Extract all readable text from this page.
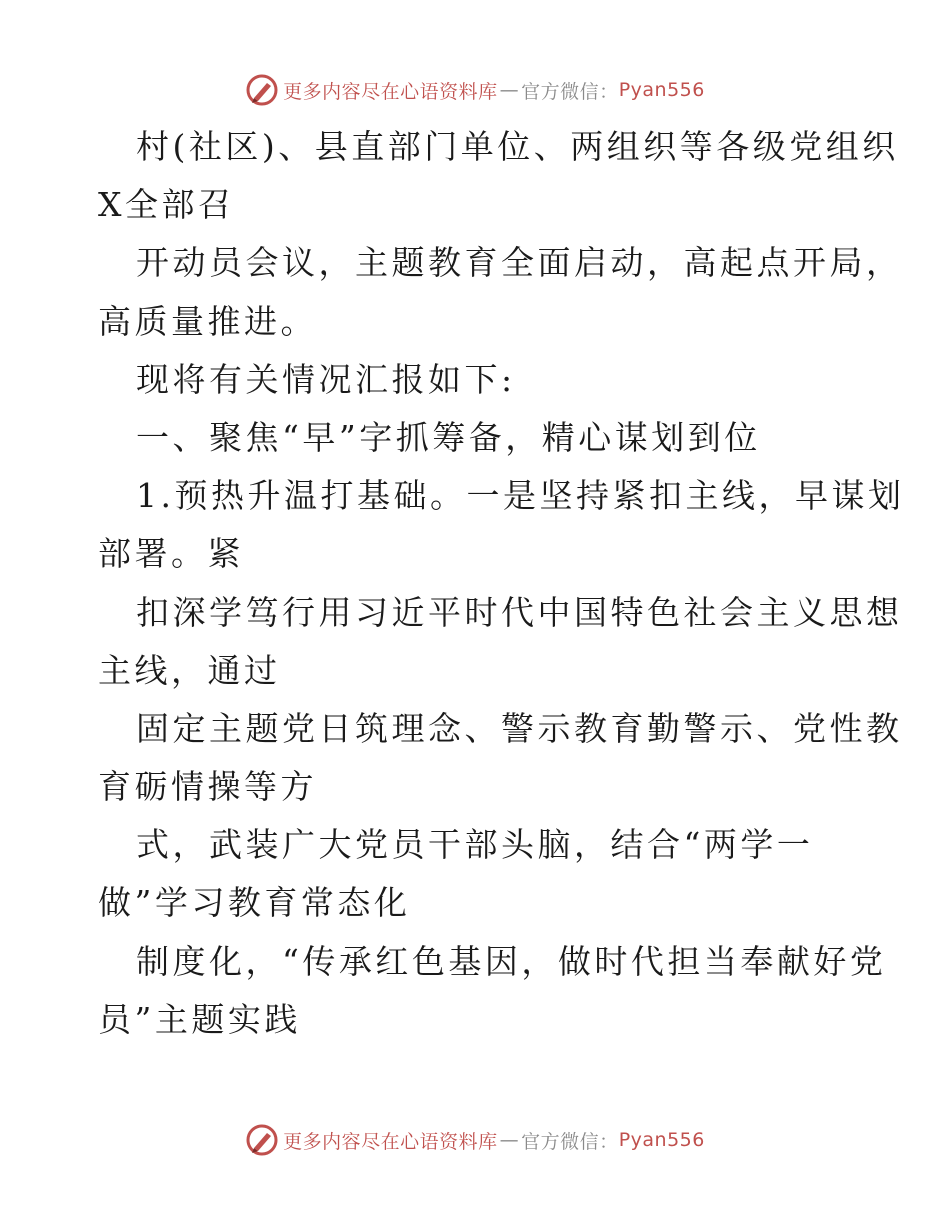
更多内容尽在心语资料库 — 官方微信： Pyan556
村(社区)、县直部门单位、两组织等各级党组织
X全部召
开动员会议，主题教育全面启动，高起点开局，
高质量推进。
现将有关情况汇报如下:
一、聚焦“早”字抓筹备，精心谋划到位
1.预热升温打基础。一是坚持紧扣主线，早谋划
部署。紧
扣深学笃行用习近平时代中国特色社会主义思想
主线，通过
固定主题党日筑理念、警示教育勤警示、党性教
育砺情操等方
式，武装广大党员干部头脑，结合“两学一
做”学习教育常态化
制度化，“传承红色基因，做时代担当奉献好党
员”主题实践
更多内容尽在心语资料库 — 官方微信： Pyan556
